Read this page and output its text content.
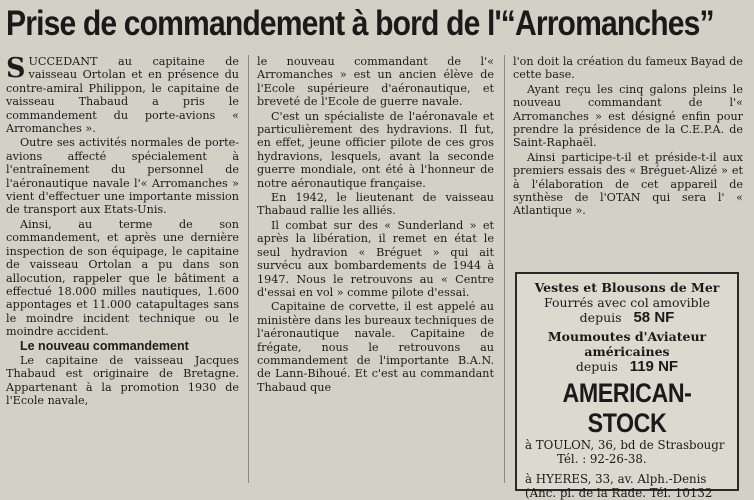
Prise de commandement à bord de l'“Arromanches”

SUCCEDANT au capitaine de vaisseau Ortolan et en présence du contre-amiral Philippon, le capitaine de vaisseau Thabaud a pris le commandement du porte-avions « Arromanches ».

Outre ses activités normales de porte-avions affecté spécialement à l'entraînement du personnel de l'aéronautique navale l'« Arromanches » vient d'effectuer une importante mission de transport aux Etats-Unis.

Ainsi, au terme de son commandement, et après une dernière inspection de son équipage, le capitaine de vaisseau Ortolan a pu dans son allocution, rappeler que le bâtiment a effectué 18.000 milles nautiques, 1.600 appontages et 11.000 catapultages sans le moindre incident technique ou le moindre accident.

Le nouveau commandement

Le capitaine de vaisseau Jacques Thabaud est originaire de Bretagne. Appartenant à la promotion 1930 de l'Ecole navale,

le nouveau commandant de l'« Arromanches » est un ancien élève de l'Ecole supérieure d'aéronautique, et breveté de l'Ecole de guerre navale.

C'est un spécialiste de l'aéronavale et particulièrement des hydravions. Il fut, en effet, jeune officier pilote de ces gros hydravions, lesquels, avant la seconde guerre mondiale, ont été à l'honneur de notre aéronautique française.

En 1942, le lieutenant de vaisseau Thabaud rallie les alliés.

Il combat sur des « Sunderland » et après la libération, il remet en état le seul hydravion « Bréguet » qui ait survécu aux bombardements de 1944 à 1947. Nous le retrouvons au « Centre d'essai en vol » comme pilote d'essai.

Capitaine de corvette, il est appelé au ministère dans les bureaux techniques de l'aéronautique navale. Capitaine de frégate, nous le retrouvons au commandement de l'importante B.A.N. de Lann-Bihoué. Et c'est au commandant Thabaud que

l'on doit la création du fameux Bayad de cette base.

Ayant reçu les cinq galons pleins le nouveau commandant de l'« Arromanches » est désigné enfin pour prendre la présidence de la C.E.P.A. de Saint-Raphaël.

Ainsi participe-t-il et préside-t-il aux premiers essais des « Bréguet-Alizé » et à l'élaboration de cet appareil de synthèse de l'OTAN qui sera l' « Atlantique ».

Vestes et Blousons de Mer
Fourrés avec col amovible
depuis 58 NF
Moumoutes d'Aviateur
américaines
depuis 119 NF
AMERICAN-STOCK
à TOULON, 36, bd de Strasbougr
Tél. : 92-26-38.
à HYERES, 33, av. Alph.-Denis
(Anc. pl. de la Rade. Tél. 10132
